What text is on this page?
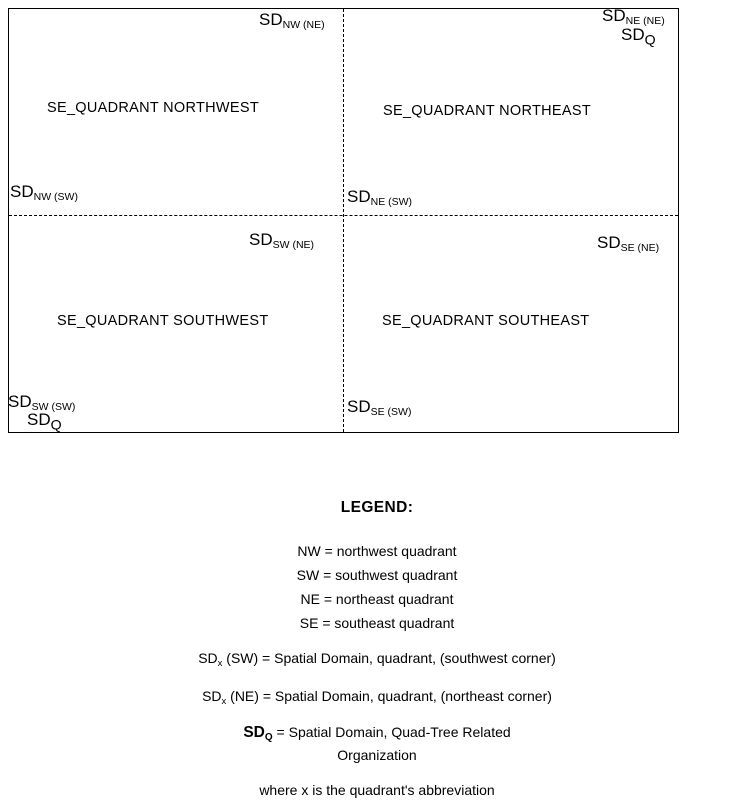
SE_QUADRANT NORTHWEST	SE_QUADRANT NORTHEAST
SE_QUADRANT SOUTHWEST	SE_QUADRANT SOUTHEAST
$SD_{NW (NE)}$	$SD_{NE (NE)}$
$SD_Q$
$SD_{NW (SW)}$	$SD_{NE (SW)}$
$SD_{SW (NE)}$	$SD_{SE (NE)}$
$SD_{SW (SW)}$
$SD_Q$
$SD_{SE (SW)}$
LEGEND:
NW = northwest quadrant
SW = southwest quadrant
NE = northeast quadrant
SE = southeast quadrant
$SD_x$ (SW) = Spatial Domain, quadrant, (southwest corner)
$SD_x$ (NE) = Spatial Domain, quadrant, (northeast corner)
$SD_Q$ = Spatial Domain, Quad-Tree Related
Organization
where x is the quadrant's abbreviation
